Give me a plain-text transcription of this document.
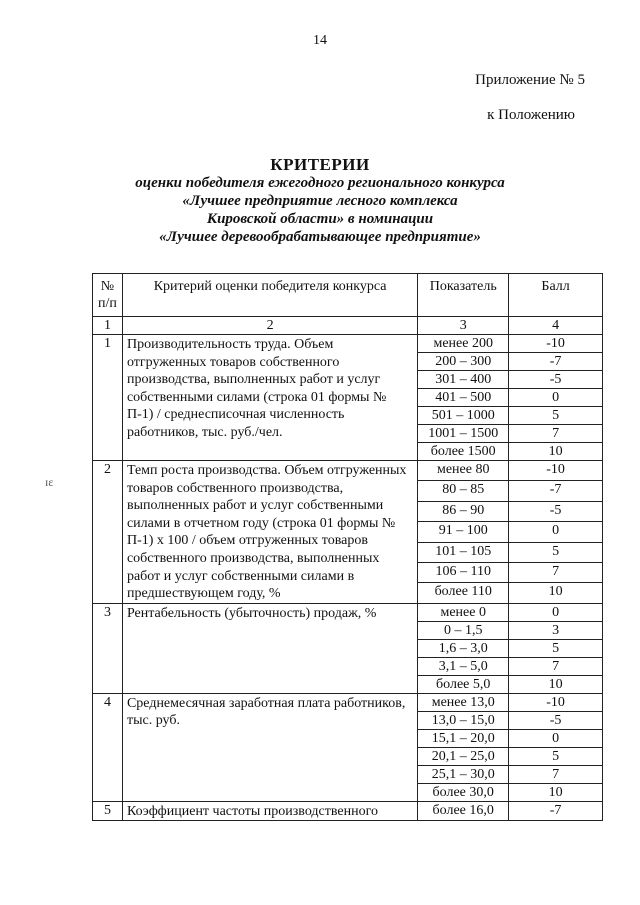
14
Приложение № 5
к Положению
КРИТЕРИИ
оценки победителя ежегодного регионального конкурса
«Лучшее предприятие лесного комплекса
Кировской области» в номинации
«Лучшее деревообрабатывающее предприятие»
ɪɛ
№ п/п	Критерий оценки победителя конкурса	Показатель	Балл
1	2	3	4
1	Производительность труда. Объем отгруженных товаров собственного производства, выполненных работ и услуг собственными силами (строка 01 формы № П-1) / среднесписочная численность работников, тыс. руб./чел.	менее 200	-10
		200 – 300	-7
		301 – 400	-5
		401 – 500	0
		501 – 1000	5
		1001 – 1500	7
		более 1500	10
2	Темп роста производства. Объем отгруженных товаров собственного производства, выполненных работ и услуг собственными силами в отчетном году (строка 01 формы № П-1) х 100 / объем отгруженных товаров собственного производства, выполненных работ и услуг собственными силами в предшествующем году, %	менее 80	-10
		80 – 85	-7
		86 – 90	-5
		91 – 100	0
		101 – 105	5
		106 – 110	7
		более 110	10
3	Рентабельность (убыточность) продаж, %	менее 0	0
		0 – 1,5	3
		1,6 – 3,0	5
		3,1 – 5,0	7
		более 5,0	10
4	Среднемесячная заработная плата работников, тыс. руб.	менее 13,0	-10
		13,0 – 15,0	-5
		15,1 – 20,0	0
		20,1 – 25,0	5
		25,1 – 30,0	7
		более 30,0	10
5	Коэффициент частоты производственного	более 16,0	-7
